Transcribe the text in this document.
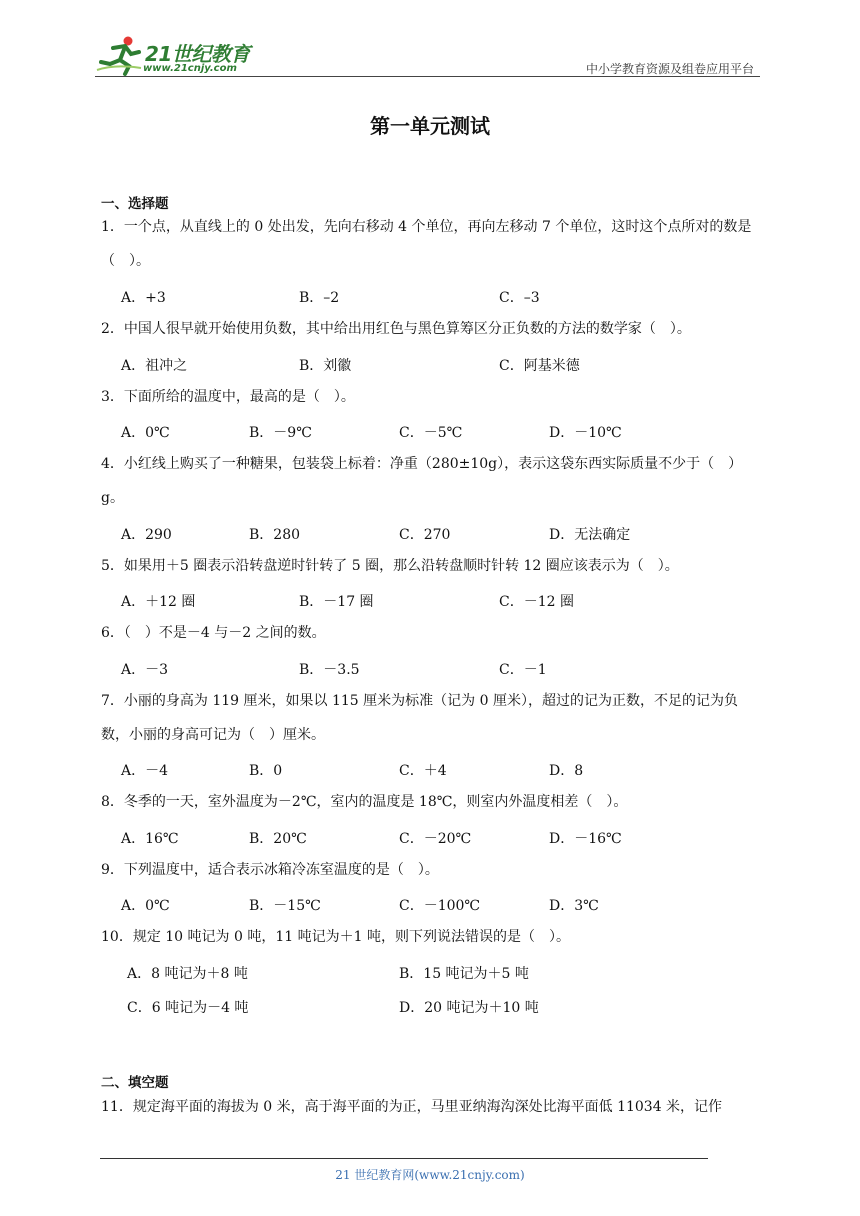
21世纪教育
www.21cnjy.com	中小学教育资源及组卷应用平台
第一单元测试
一、选择题
1．一个点，从直线上的 0 处出发，先向右移动 4 个单位，再向左移动 7 个单位，这时这个点所对的数是（　）。
A．+3	B．–2	C．–3
2．中国人很早就开始使用负数，其中给出用红色与黑色算筹区分正负数的方法的数学家（　）。
A．祖冲之	B．刘徽	C．阿基米德
3．下面所给的温度中，最高的是（　）。
A．0℃	B．－9℃	C．－5℃	D．－10℃
4．小红线上购买了一种糖果，包装袋上标着：净重（280±10g），表示这袋东西实际质量不少于（　）g。
A．290	B．280	C．270	D．无法确定
5．如果用＋5 圈表示沿转盘逆时针转了 5 圈，那么沿转盘顺时针转 12 圈应该表示为（　）。
A．＋12 圈	B．－17 圈	C．－12 圈
6．（　）不是－4 与－2 之间的数。
A．－3	B．－3.5	C．－1
7．小丽的身高为 119 厘米，如果以 115 厘米为标准（记为 0 厘米），超过的记为正数，不足的记为负数，小丽的身高可记为（　）厘米。
A．－4	B．0	C．＋4	D．8
8．冬季的一天，室外温度为－2℃，室内的温度是 18℃，则室内外温度相差（　）。
A．16℃	B．20℃	C．－20℃	D．－16℃
9．下列温度中，适合表示冰箱冷冻室温度的是（　）。
A．0℃	B．－15℃	C．－100℃	D．3℃
10．规定 10 吨记为 0 吨，11 吨记为＋1 吨，则下列说法错误的是（　）。
A．8 吨记为＋8 吨	B．15 吨记为＋5 吨
C．6 吨记为－4 吨	D．20 吨记为＋10 吨
二、填空题
11．规定海平面的海拔为 0 米，高于海平面的为正，马里亚纳海沟深处比海平面低 11034 米，记作
21 世纪教育网(www.21cnjy.com)
